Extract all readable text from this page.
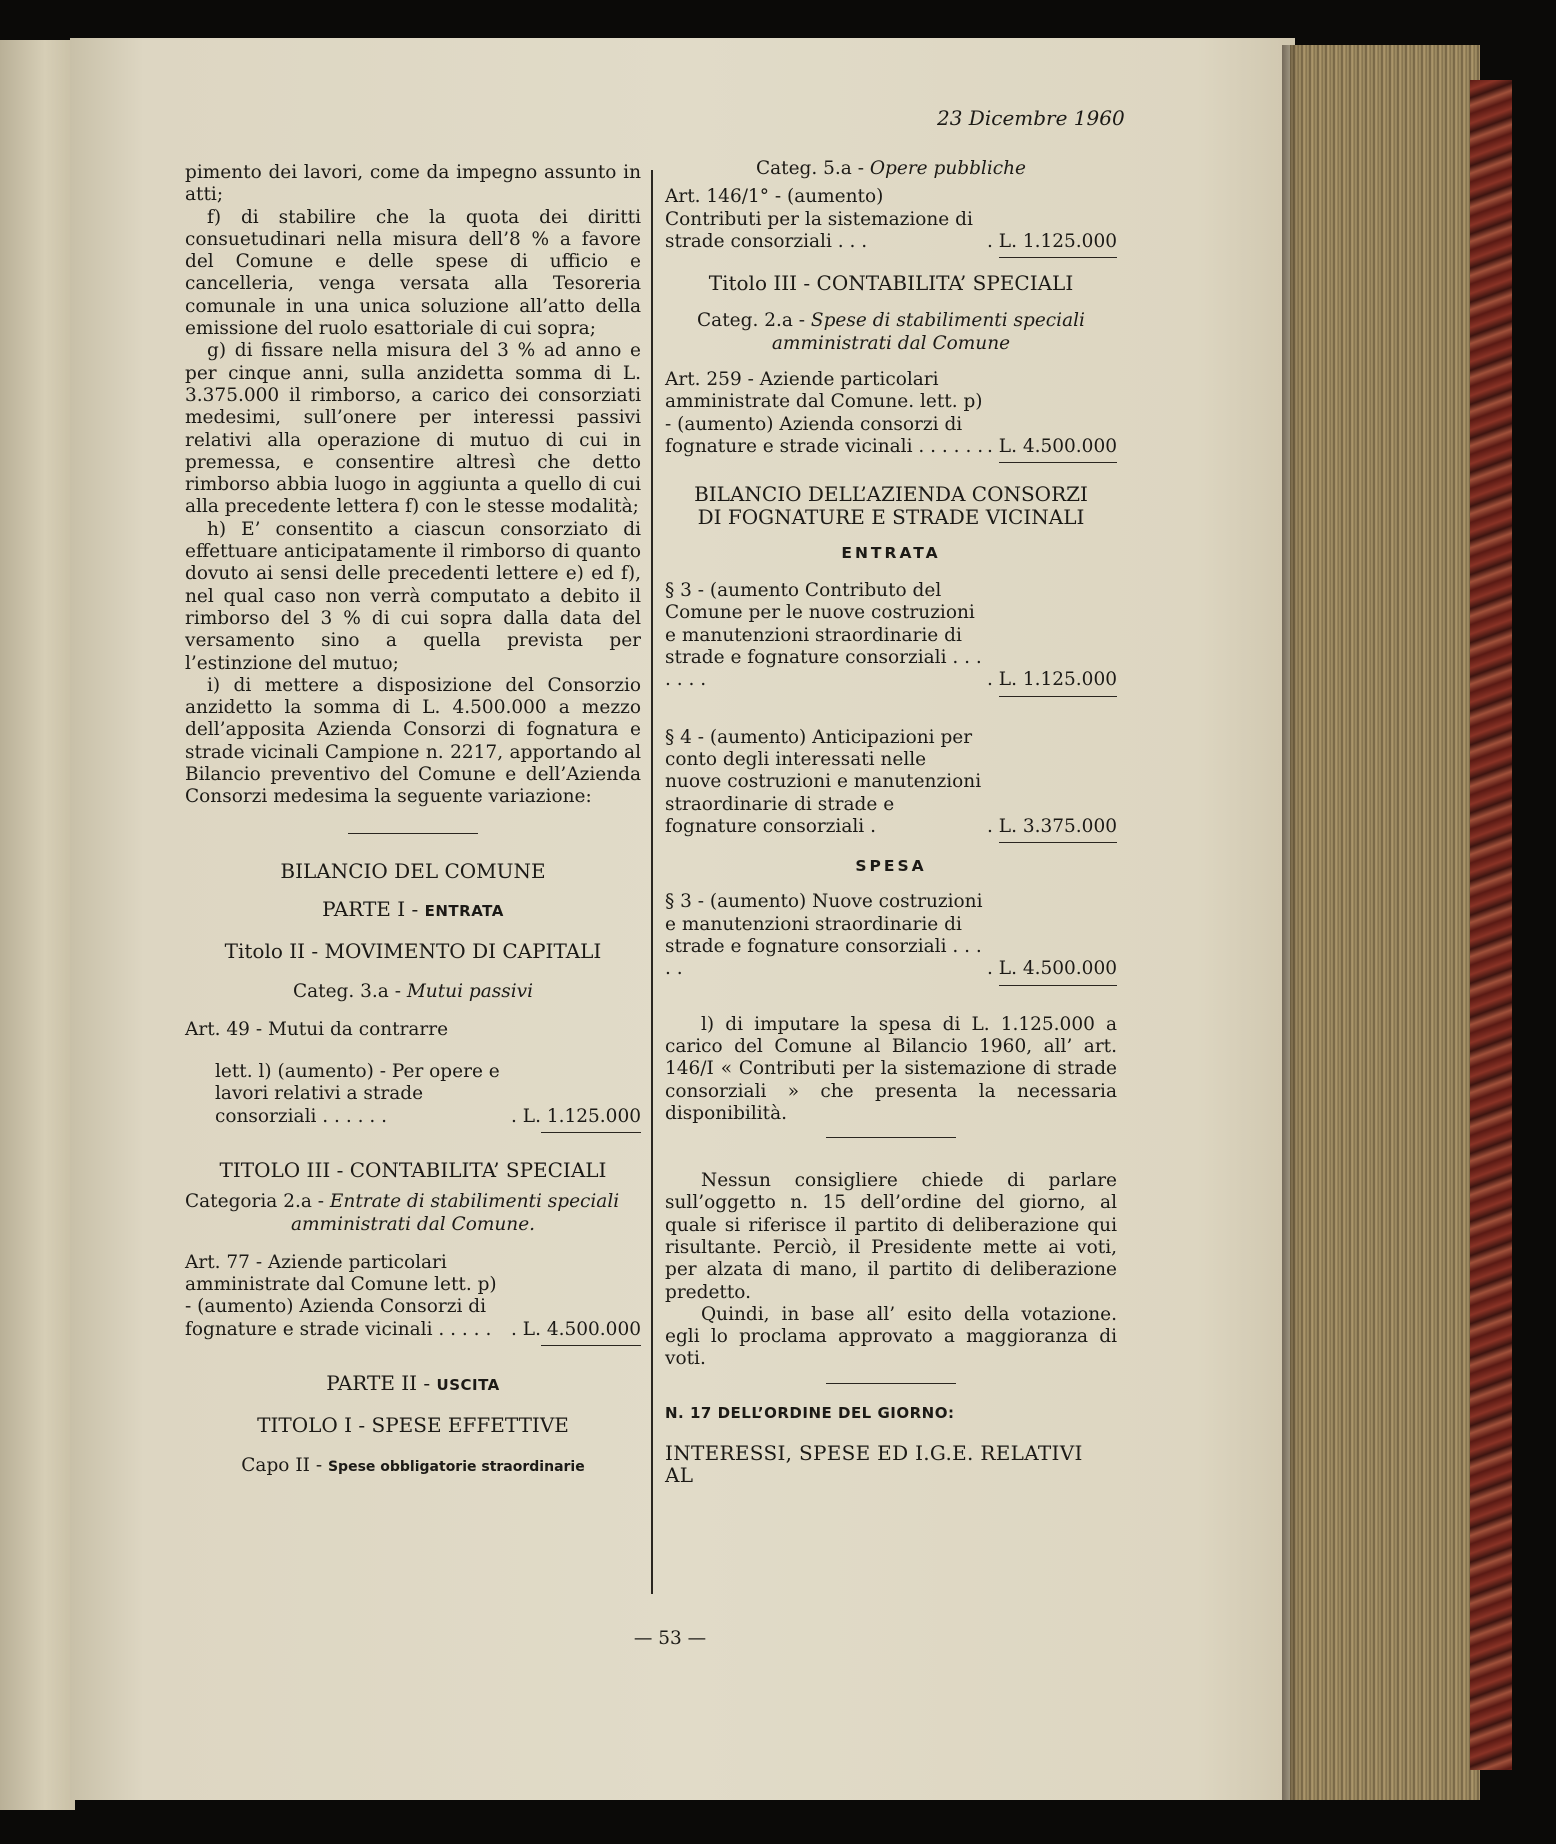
23 Dicembre 1960

pimento dei lavori, come da impegno assunto in atti;

f) di stabilire che la quota dei diritti consuetudinari nella misura dell’8 % a favore del Comune e delle spese di ufficio e cancelleria, venga versata alla Tesoreria comunale in una unica soluzione all’atto della emissione del ruolo esattoriale di cui sopra;

g) di fissare nella misura del 3 % ad anno e per cinque anni, sulla anzidetta somma di L. 3.375.000 il rimborso, a carico dei consorziati medesimi, sull’onere per interessi passivi relativi alla operazione di mutuo di cui in premessa, e consentire altresì che detto rimborso abbia luogo in aggiunta a quello di cui alla precedente lettera f) con le stesse modalità;

h) E’ consentito a ciascun consorziato di effettuare anticipatamente il rimborso di quanto dovuto ai sensi delle precedenti lettere e) ed f), nel qual caso non verrà computato a debito il rimborso del 3 % di cui sopra dalla data del versamento sino a quella prevista per l’estinzione del mutuo;

i) di mettere a disposizione del Consorzio anzidetto la somma di L. 4.500.000 a mezzo dell’apposita Azienda Consorzi di fognatura e strade vicinali Campione n. 2217, apportando al Bilancio preventivo del Comune e dell’Azienda Consorzi medesima la seguente variazione:

BILANCIO DEL COMUNE
PARTE I - ENTRATA
Titolo II - MOVIMENTO DI CAPITALI
Categ. 3.a - Mutui passivi
Art. 49 - Mutui da contrarre
lett. l) (aumento) - Per opere e lavori relativi a strade consorziali . . . . . .	. L. 1.125.000
TITOLO III - CONTABILITA’ SPECIALI
Categoria 2.a - Entrate di stabilimenti speciali
amministrati dal Comune.
Art. 77 - Aziende particolari amministrate dal Comune lett. p) - (aumento) Azienda Consorzi di fognature e strade vicinali . . . . .	. L. 4.500.000
PARTE II - USCITA
TITOLO I - SPESE EFFETTIVE
Capo II - Spese obbligatorie straordinarie
Categ. 5.a - Opere pubbliche
Art. 146/1° - (aumento) Contributi per la sistemazione di strade consorziali . . .	. L. 1.125.000
Titolo III - CONTABILITA’ SPECIALI
Categ. 2.a - Spese di stabilimenti speciali
amministrati dal Comune
Art. 259 - Aziende particolari amministrate dal Comune. lett. p) - (aumento) Azienda consorzi di fognature e strade vicinali . . . . . . . L. 4.500.000
BILANCIO DELL’AZIENDA CONSORZI
DI FOGNATURE E STRADE VICINALI
ENTRATA
§ 3 - (aumento Contributo del Comune per le nuove costruzioni e manutenzioni straordinarie di strade e fognature consorziali . . . . . . .	. L. 1.125.000
§ 4 - (aumento) Anticipazioni per conto degli interessati nelle nuove costruzioni e manutenzioni straordinarie di strade e fognature consorziali .	. L. 3.375.000
SPESA
§ 3 - (aumento) Nuove costruzioni e manutenzioni straordinarie di strade e fognature consorziali . . . . .	. L. 4.500.000

l) di imputare la spesa di L. 1.125.000 a carico del Comune al Bilancio 1960, all’ art. 146/I « Contributi per la sistemazione di strade consorziali » che presenta la necessaria disponibilità.

Nessun consigliere chiede di parlare sull’oggetto n. 15 dell’ordine del giorno, al quale si riferisce il partito di deliberazione qui risultante. Perciò, il Presidente mette ai voti, per alzata di mano, il partito di deliberazione predetto.

Quindi, in base all’ esito della votazione. egli lo proclama approvato a maggioranza di voti.

N. 17 DELL’ORDINE DEL GIORNO:
INTERESSI, SPESE ED I.G.E. RELATIVI AL
— 53 —
